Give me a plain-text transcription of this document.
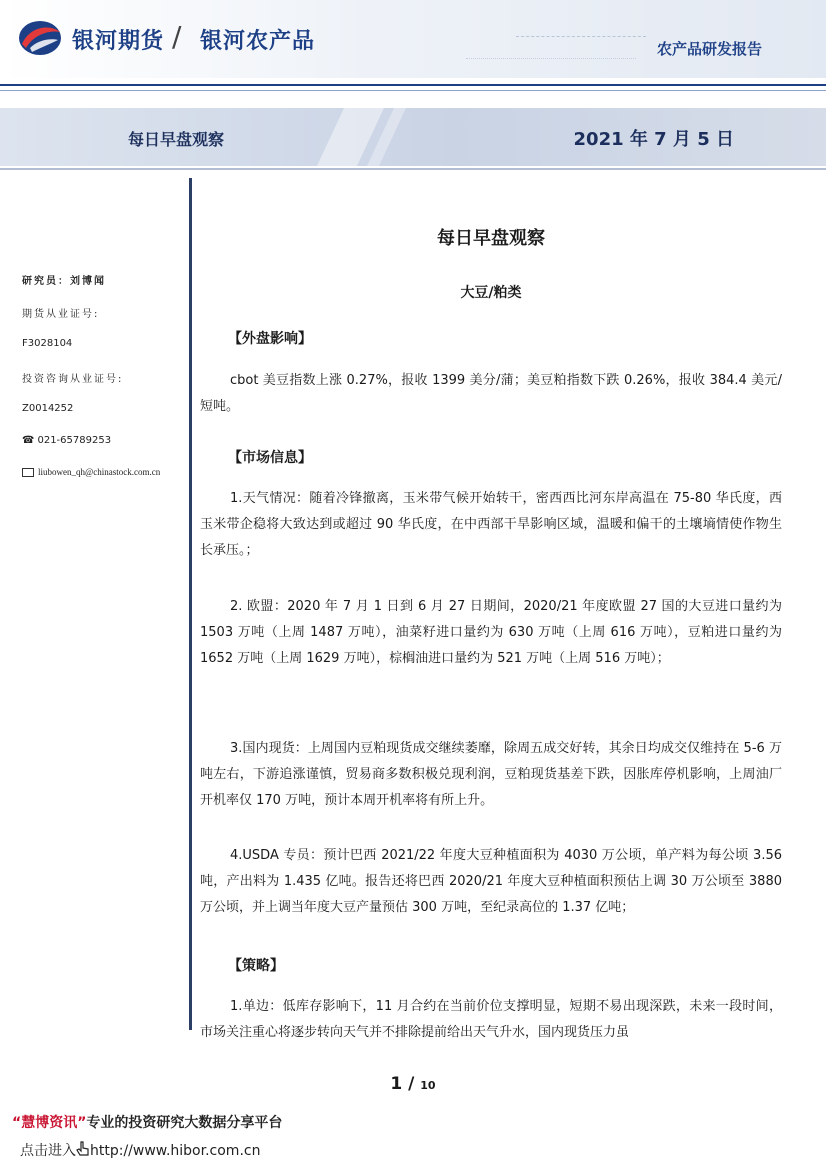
银河期货 / 银河农产品	农产品研发报告
每日早盘观察	2021 年 7 月 5 日
研究员：刘博闻
期货从业证号:
F3028104
投资咨询从业证号:
Z0014252
☎ 021-65789253
liubowen_qh@chinastock.com.cn
每日早盘观察
大豆/粕类
【外盘影响】
cbot 美豆指数上涨 0.27%，报收 1399 美分/蒲；美豆粕指数下跌 0.26%，报收 384.4 美元/短吨。
【市场信息】
1.天气情况：随着冷锋撤离，玉米带气候开始转干，密西西比河东岸高温在 75-80 华氏度，西玉米带企稳将大致达到或超过 90 华氏度，在中西部干旱影响区域，温暖和偏干的土壤墒情使作物生长承压。；
2. 欧盟：2020 年 7 月 1 日到 6 月 27 日期间，2020/21 年度欧盟 27 国的大豆进口量约为 1503 万吨（上周 1487 万吨），油菜籽进口量约为 630 万吨（上周 616 万吨），豆粕进口量约为 1652 万吨（上周 1629 万吨），棕榈油进口量约为 521 万吨（上周 516 万吨）；
3.国内现货：上周国内豆粕现货成交继续萎靡，除周五成交好转，其余日均成交仅维持在 5-6 万吨左右，下游追涨谨慎，贸易商多数积极兑现利润，豆粕现货基差下跌，因胀库停机影响，上周油厂开机率仅 170 万吨，预计本周开机率将有所上升。
4.USDA 专员：预计巴西 2021/22 年度大豆种植面积为 4030 万公顷，单产料为每公顷 3.56 吨，产出料为 1.435 亿吨。报告还将巴西 2020/21 年度大豆种植面积预估上调 30 万公顷至 3880 万公顷，并上调当年度大豆产量预估 300 万吨，至纪录高位的 1.37 亿吨；
【策略】
1.单边：低库存影响下，11 月合约在当前价位支撑明显，短期不易出现深跌，未来一段时间，市场关注重心将逐步转向天气并不排除提前给出天气升水，国内现货压力虽
1 / 10
“慧博资讯”专业的投资研究大数据分享平台
点击进入 http://www.hibor.com.cn
